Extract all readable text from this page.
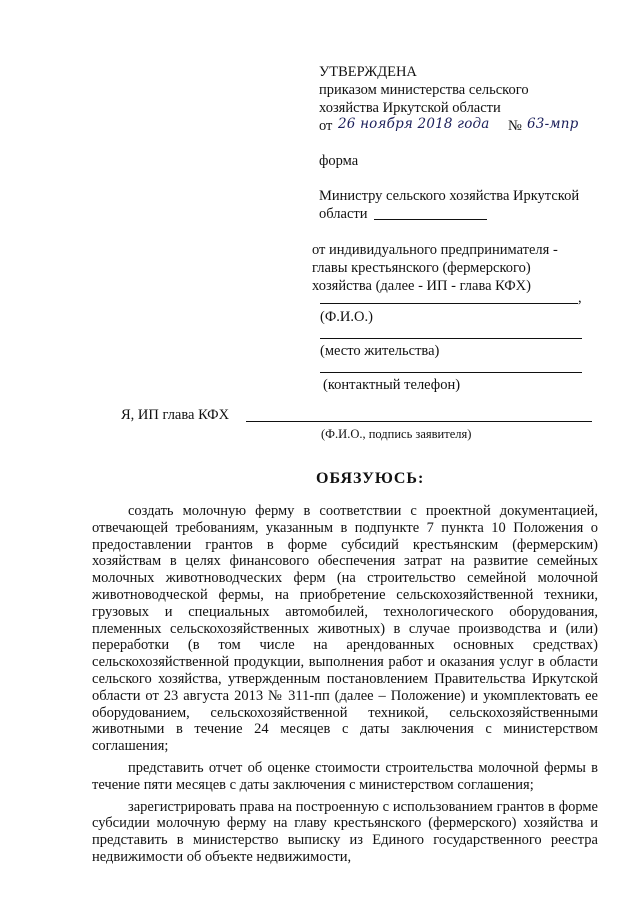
УТВЕРЖДЕНА
приказом министерства сельского
хозяйства Иркутской области
от 26 ноября 2018 года № 63-мпр
форма
Министру сельского хозяйства Иркутской
области
от индивидуального предпринимателя -
главы крестьянского (фермерского)
хозяйства (далее - ИП - глава КФХ)
,
(Ф.И.О.)
(место жительства)
(контактный телефон)
Я, ИП глава КФХ
(Ф.И.О., подпись заявителя)
ОБЯЗУЮСЬ:

создать молочную ферму в соответствии с проектной документацией, отвечающей требованиям, указанным в подпункте 7 пункта 10 Положения о предоставлении грантов в форме субсидий крестьянским (фермерским) хозяйствам в целях финансового обеспечения затрат на развитие семейных молочных животноводческих ферм (на строительство семейной молочной животноводческой фермы, на приобретение сельскохозяйственной техники, грузовых и специальных автомобилей, технологического оборудования, племенных сельскохозяйственных животных) в случае производства и (или) переработки (в том числе на арендованных основных средствах) сельскохозяйственной продукции, выполнения работ и оказания услуг в области сельского хозяйства, утвержденным постановлением Правительства Иркутской области от 23 августа 2013 № 311-пп (далее – Положение) и укомплектовать ее оборудованием, сельскохозяйственной техникой, сельскохозяйственными животными в течение 24 месяцев с даты заключения с министерством соглашения;

представить отчет об оценке стоимости строительства молочной фермы в течение пяти месяцев с даты заключения с министерством соглашения;

зарегистрировать права на построенную с использованием грантов в форме субсидии молочную ферму на главу крестьянского (фермерского) хозяйства и представить в министерство выписку из Единого государственного реестра недвижимости об объекте недвижимости,
